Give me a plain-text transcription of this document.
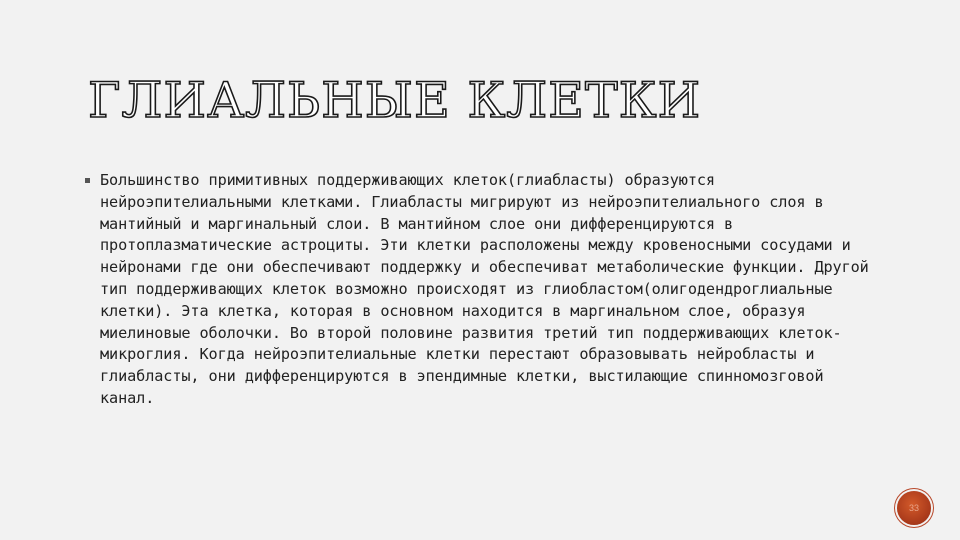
ГЛИАЛЬНЫЕ КЛЕТКИ

Большинство примитивных поддерживающих клеток(глиабласты) образуются нейроэпителиальными клетками. Глиабласты мигрируют из нейроэпителиального слоя в мантийный и маргинальный слои. В мантийном слое они дифференцируются в протоплазматические астроциты. Эти клетки расположены между кровеносными сосудами и нейронами где они обеспечивают поддержку и обеспечиват метаболические функции. Другой тип поддерживающих клеток возможно происходят из глиобластом(олигодендроглиальные клетки). Эта клетка, которая в основном находится в маргинальном слое, образуя миелиновые оболочки. Во второй половине развития третий тип поддерживающих клеток-микроглия. Когда нейроэпителиальные клетки перестают образовывать нейробласты и глиабласты, они дифференцируются в эпендимные клетки, выстилающие спинномозговой канал.

33
